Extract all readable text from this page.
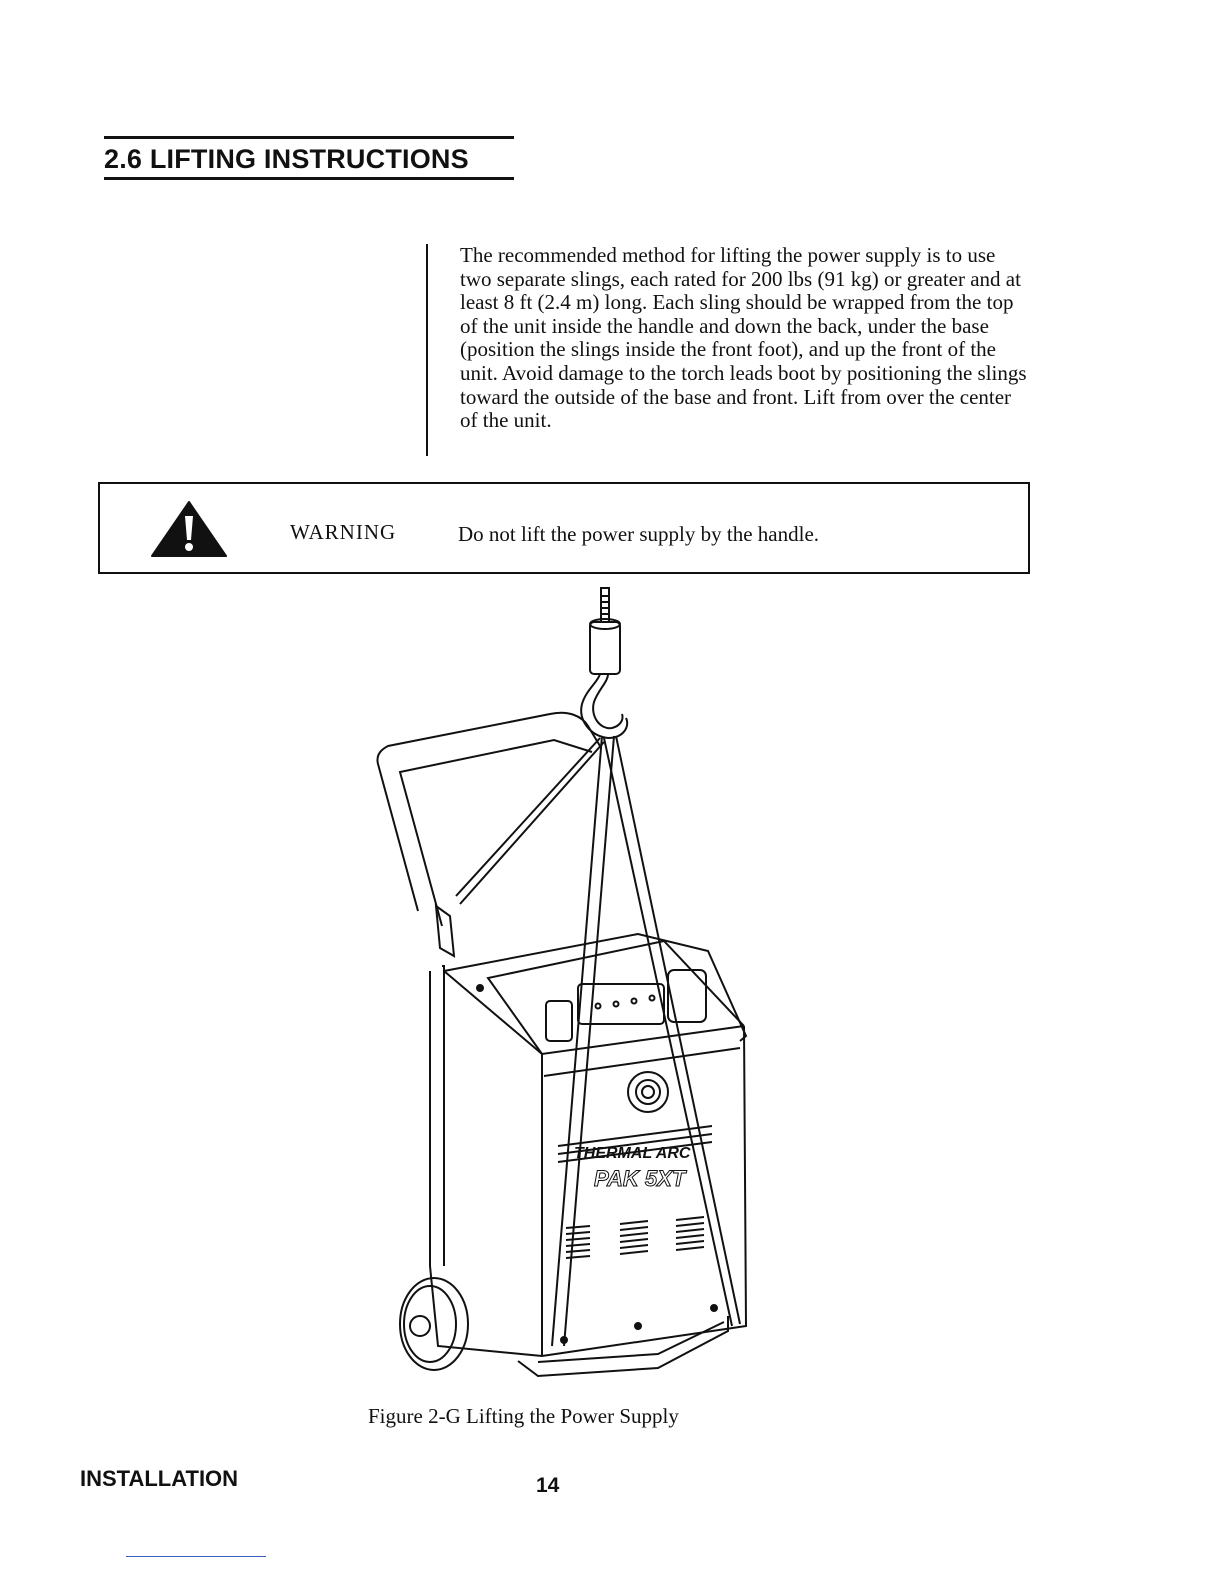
2.6 LIFTING INSTRUCTIONS

The recommended method for lifting the power supply is to use two separate slings, each rated for 200 lbs (91 kg) or greater and at least 8 ft (2.4 m) long. Each sling should be wrapped from the top of the unit inside the handle and down the back, under the base (position the slings inside the front foot), and up the front of the unit. Avoid damage to the torch leads boot by positioning the slings toward the outside of the base and front. Lift from over the center of the unit.

WARNING	Do not lift the power supply by the handle.
THERMAL ARC
PAK 5XT
Figure 2-G Lifting the Power Supply
INSTALLATION	14
